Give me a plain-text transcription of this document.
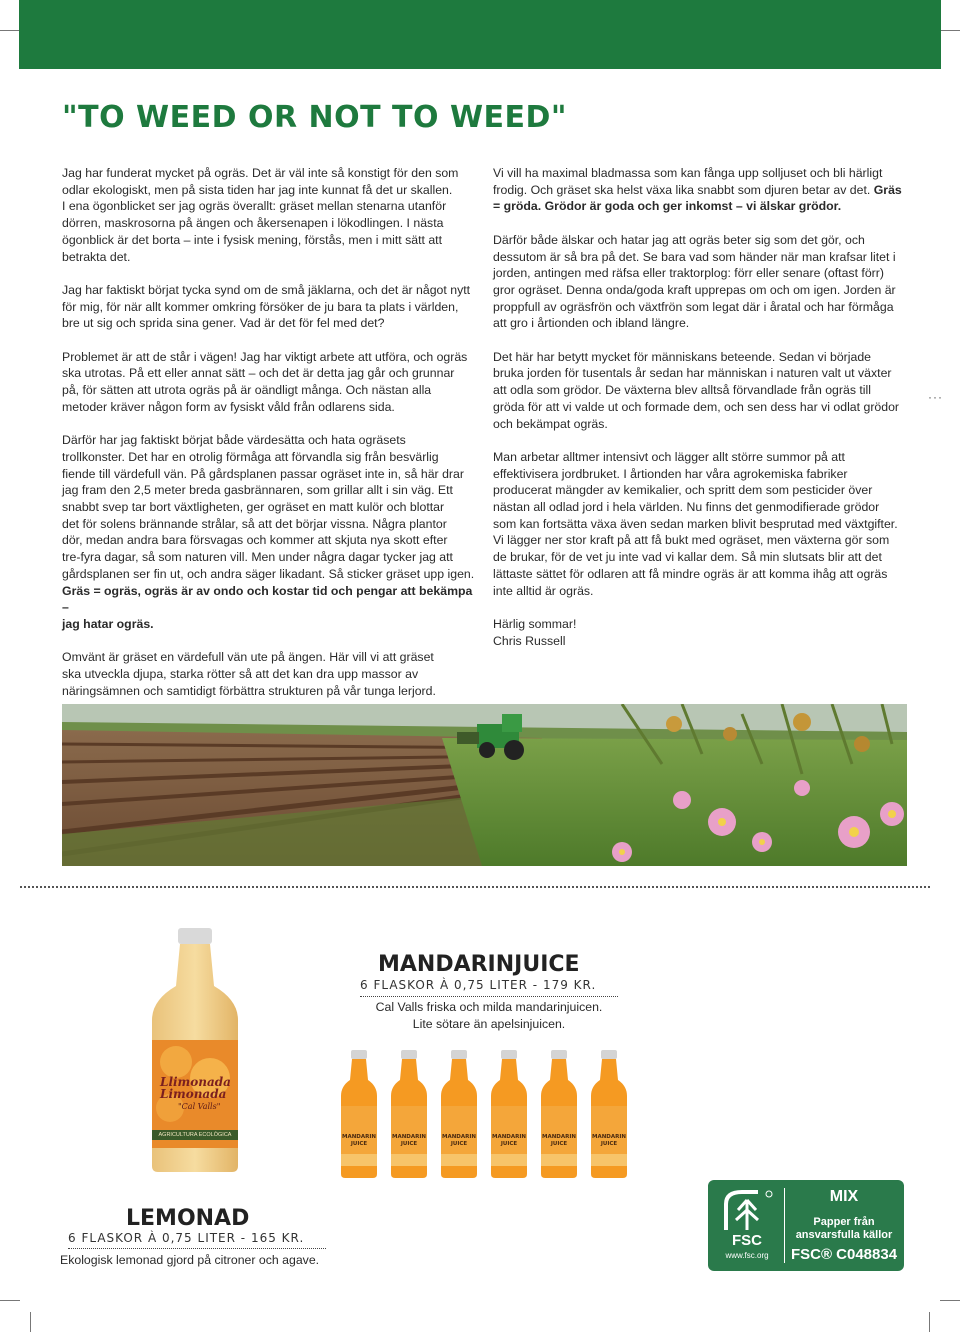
"TO WEED OR NOT TO WEED"

Jag har funderat mycket på ogräs. Det är väl inte så konstigt för den som
odlar ekologiskt, men på sista tiden har jag inte kunnat få det ur skallen.
I ena ögonblicket ser jag ogräs överallt: gräset mellan stenarna utanför
dörren, maskrosorna på ängen och åkersenapen i lökodlingen. I nästa
ögonblick är det borta – inte i fysisk mening, förstås, men i mitt sätt att
betrakta det.

Jag har faktiskt börjat tycka synd om de små jäklarna, och det är något nytt
för mig, för när allt kommer omkring försöker de ju bara ta plats i världen,
bre ut sig och sprida sina gener. Vad är det för fel med det?

Problemet är att de står i vägen! Jag har viktigt arbete att utföra, och ogräs
ska utrotas. På ett eller annat sätt – och det är detta jag går och grunnar
på, för sätten att utrota ogräs på är oändligt många. Och nästan alla
metoder kräver någon form av fysiskt våld från odlarens sida.

Därför har jag faktiskt börjat både värdesätta och hata ogräsets
trollkonster. Det har en otrolig förmåga att förvandla sig från besvärlig
fiende till värdefull vän. På gårdsplanen passar ogräset inte in, så här drar
jag fram den 2,5 meter breda gasbrännaren, som grillar allt i sin väg. Ett
snabbt svep tar bort växtligheten, ger ogräset en matt kulör och blottar
det för solens brännande strålar, så att det börjar vissna. Några plantor
dör, medan andra bara försvagas och kommer att skjuta nya skott efter
tre-fyra dagar, så som naturen vill. Men under några dagar tycker jag att
gårdsplanen ser fin ut, och andra säger likadant. Så sticker gräset upp igen.

Gräs = ogräs, ogräs är av ondo och kostar tid och pengar att bekämpa –
jag hatar ogräs.

Omvänt är gräset en värdefull vän ute på ängen. Här vill vi att gräset
ska utveckla djupa, starka rötter så att det kan dra upp massor av
näringsämnen och samtidigt förbättra strukturen på vår tunga lerjord.

Vi vill ha maximal bladmassa som kan fånga upp solljuset och bli härligt
frodig. Och gräset ska helst växa lika snabbt som djuren betar av det. Gräs
= gröda. Grödor är goda och ger inkomst – vi älskar grödor.

Därför både älskar och hatar jag att ogräs beter sig som det gör, och
dessutom är så bra på det. Se bara vad som händer när man krafsar litet i
jorden, antingen med räfsa eller traktorplog: förr eller senare (oftast förr)
gror ogräset. Denna onda/goda kraft upprepas om och om igen. Jorden är
proppfull av ogräsfrön och växtfrön som legat där i åratal och har förmåga
att gro i årtionden och ibland längre.

Det här har betytt mycket för människans beteende. Sedan vi började
bruka jorden för tusentals år sedan har människan i naturen valt ut växter
att odla som grödor. De växterna blev alltså förvandlade från ogräs till
gröda för att vi valde ut och formade dem, och sen dess har vi odlat grödor
och bekämpat ogräs.

Man arbetar alltmer intensivt och lägger allt större summor på att
effektivisera jordbruket. I årtionden har våra agrokemiska fabriker
producerat mängder av kemikalier, och spritt dem som pesticider över
nästan all odlad jord i hela världen. Nu finns det genmodifierade grödor
som kan fortsätta växa även sedan marken blivit besprutad med växtgifter.
Vi lägger ner stor kraft på att få bukt med ogräset, men växterna gör som
de brukar, för de vet ju inte vad vi kallar dem. Så min slutsats blir att det
lättaste sättet för odlaren att få mindre ogräs är att komma ihåg att ogräs
inte alltid är ogräs.

Härlig sommar!
Chris Russell

···
Llimonada
Limonada
"Cal Valls"
AGRICULTURA ECOLÒGICA	MANDARIN
JUICE
MANDARIN
JUICE
MANDARIN
JUICE
MANDARIN
JUICE
MANDARIN
JUICE
MANDARIN
JUICE
MANDARINJUICE
6 FLASKOR À 0,75 LITER - 179 KR.
Cal Valls friska och milda mandarinjuicen.
Lite sötare än apelsinjuicen.
LEMONAD
6 FLASKOR À 0,75 LITER - 165 KR.
Ekologisk lemonad gjord på citroner och agave.
FSC
www.fsc.org
MIX
Papper från
ansvarsfulla källor
FSC® C048834
